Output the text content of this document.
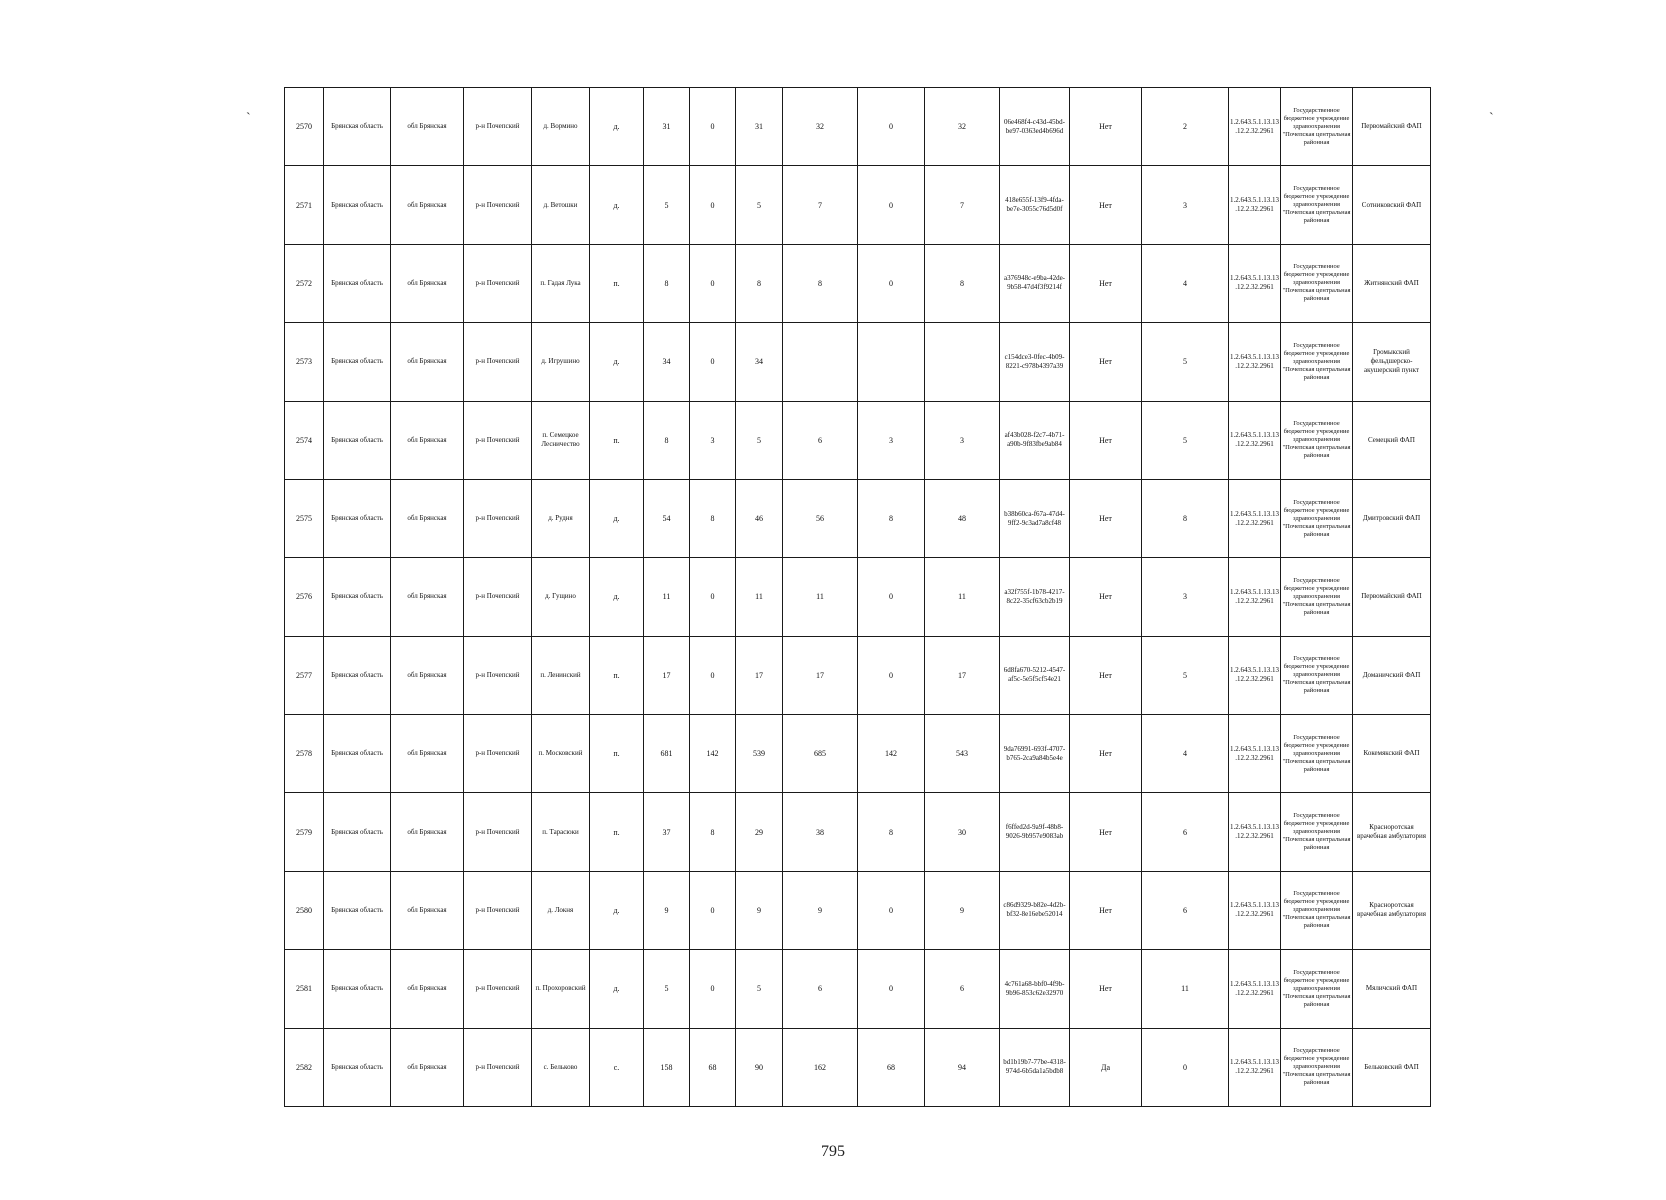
`	`
2570	Брянская область	обл Брянская	р-н Почепский	д. Вормино	д.	31	0	31	32	0	32	06e468f4-c43d-45bd-be97-0363ed4b696d	Нет	2	1.2.643.5.1.13.13.12.2.32.2961	Государственное бюджетное учреждение здравоохранения "Почепская центральная районная	Первомайский ФАП
2571	Брянская область	обл Брянская	р-н Почепский	д. Ветошки	д.	5	0	5	7	0	7	418e655f-13f9-4fda-be7e-3055c76d5d0f	Нет	3	1.2.643.5.1.13.13.12.2.32.2961	Государственное бюджетное учреждение здравоохранения "Почепская центральная районная	Сотниковский ФАП
2572	Брянская область	обл Брянская	р-н Почепский	п. Гадая Лука	п.	8	0	8	8	0	8	a376948c-e9ba-42de-9b58-47d4f3f9214f	Нет	4	1.2.643.5.1.13.13.12.2.32.2961	Государственное бюджетное учреждение здравоохранения "Почепская центральная районная	Житнянский ФАП
2573	Брянская область	обл Брянская	р-н Почепский	д. Игрушино	д.	34	0	34				c154dce3-0fec-4b09-8221-c978b4397a39	Нет	5	1.2.643.5.1.13.13.12.2.32.2961	Государственное бюджетное учреждение здравоохранения "Почепская центральная районная	Громыкский фельдшерско-акушерский пункт
2574	Брянская область	обл Брянская	р-н Почепский	п. Семецкое Лесничество	п.	8	3	5	6	3	3	af43b028-f2c7-4b71-a90b-9f83fbe9ab84	Нет	5	1.2.643.5.1.13.13.12.2.32.2961	Государственное бюджетное учреждение здравоохранения "Почепская центральная районная	Семецкий ФАП
2575	Брянская область	обл Брянская	р-н Почепский	д. Рудня	д.	54	8	46	56	8	48	b38b60ca-f67a-47d4-9ff2-9c3ad7a8cf48	Нет	8	1.2.643.5.1.13.13.12.2.32.2961	Государственное бюджетное учреждение здравоохранения "Почепская центральная районная	Дмитровский ФАП
2576	Брянская область	обл Брянская	р-н Почепский	д. Гущино	д.	11	0	11	11	0	11	a32f755f-1b78-4217-8c22-35cf63cb2b19	Нет	3	1.2.643.5.1.13.13.12.2.32.2961	Государственное бюджетное учреждение здравоохранения "Почепская центральная районная	Первомайский ФАП
2577	Брянская область	обл Брянская	р-н Почепский	п. Ленинский	п.	17	0	17	17	0	17	6d8fa670-5212-4547-af5c-5e5f5cf54e21	Нет	5	1.2.643.5.1.13.13.12.2.32.2961	Государственное бюджетное учреждение здравоохранения "Почепская центральная районная	Доманичский ФАП
2578	Брянская область	обл Брянская	р-н Почепский	п. Московский	п.	681	142	539	685	142	543	9da76991-693f-4707-b765-2ca9a84b5e4e	Нет	4	1.2.643.5.1.13.13.12.2.32.2961	Государственное бюджетное учреждение здравоохранения "Почепская центральная районная	Кокемякский ФАП
2579	Брянская область	обл Брянская	р-н Почепский	п. Тарасюки	п.	37	8	29	38	8	30	f6ffed2d-9a9f-48b8-9026-9b957e9083ab	Нет	6	1.2.643.5.1.13.13.12.2.32.2961	Государственное бюджетное учреждение здравоохранения "Почепская центральная районная	Красноротская врачебная амбулатория
2580	Брянская область	обл Брянская	р-н Почепский	д. Локня	д.	9	0	9	9	0	9	c86d9329-b82e-4d2b-bf32-8e16ebe52014	Нет	6	1.2.643.5.1.13.13.12.2.32.2961	Государственное бюджетное учреждение здравоохранения "Почепская центральная районная	Красноротская врачебная амбулатория
2581	Брянская область	обл Брянская	р-н Почепский	п. Прохоровский	д.	5	0	5	6	0	6	4c761a68-bbf0-4f9b-9b96-853c62e32970	Нет	11	1.2.643.5.1.13.13.12.2.32.2961	Государственное бюджетное учреждение здравоохранения "Почепская центральная районная	Мяличский ФАП
2582	Брянская область	обл Брянская	р-н Почепский	с. Бельково	с.	158	68	90	162	68	94	bd1b19b7-77be-4318-974d-6b5da1a5bdb8	Да	0	1.2.643.5.1.13.13.12.2.32.2961	Государственное бюджетное учреждение здравоохранения "Почепская центральная районная	Бельковский ФАП
795
